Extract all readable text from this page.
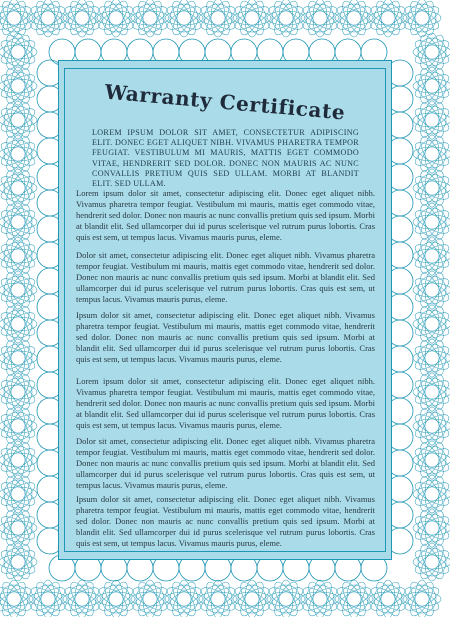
Warranty Certificate
LOREM IPSUM DOLOR SIT AMET, CONSECTETUR ADIPISCING ELIT. DONEC EGET ALIQUET NIBH. VIVAMUS PHARETRA TEMPOR FEUGIAT. VESTIBULUM MI MAURIS, MATTIS EGET COMMODO VITAE, HENDRERIT SED DOLOR. DONEC NON MAURIS AC NUNC CONVALLIS PRETIUM QUIS SED ULLAM. MORBI AT BLANDIT ELIT. SED ULLAM.
Lorem ipsum dolor sit amet, consectetur adipiscing elit. Donec eget aliquet nibh. Vivamus pharetra tempor feugiat. Vestibulum mi mauris, mattis eget commodo vitae, hendrerit sed dolor. Donec non mauris ac nunc convallis pretium quis sed ipsum. Morbi at blandit elit. Sed ullamcorper dui id purus scelerisque vel rutrum purus lobortis. Cras quis est sem, ut tempus lacus. Vivamus mauris purus, eleme.
Dolor sit amet, consectetur adipiscing elit. Donec eget aliquet nibh. Vivamus pharetra tempor feugiat. Vestibulum mi mauris, mattis eget commodo vitae, hendrerit sed dolor. Donec non mauris ac nunc convallis pretium quis sed ipsum. Morbi at blandit elit. Sed ullamcorper dui id purus scelerisque vel rutrum purus lobortis. Cras quis est sem, ut tempus lacus. Vivamus mauris purus, eleme.
Ipsum dolor sit amet, consectetur adipiscing elit. Donec eget aliquet nibh. Vivamus pharetra tempor feugiat. Vestibulum mi mauris, mattis eget commodo vitae, hendrerit sed dolor. Donec non mauris ac nunc convallis pretium quis sed ipsum. Morbi at blandit elit. Sed ullamcorper dui id purus scelerisque vel rutrum purus lobortis. Cras quis est sem, ut tempus lacus. Vivamus mauris purus, eleme.
Lorem ipsum dolor sit amet, consectetur adipiscing elit. Donec eget aliquet nibh. Vivamus pharetra tempor feugiat. Vestibulum mi mauris, mattis eget commodo vitae, hendrerit sed dolor. Donec non mauris ac nunc convallis pretium quis sed ipsum. Morbi at blandit elit. Sed ullamcorper dui id purus scelerisque vel rutrum purus lobortis. Cras quis est sem, ut tempus lacus. Vivamus mauris purus, eleme.
Dolor sit amet, consectetur adipiscing elit. Donec eget aliquet nibh. Vivamus pharetra tempor feugiat. Vestibulum mi mauris, mattis eget commodo vitae, hendrerit sed dolor. Donec non mauris ac nunc convallis pretium quis sed ipsum. Morbi at blandit elit. Sed ullamcorper dui id purus scelerisque vel rutrum purus lobortis. Cras quis est sem, ut tempus lacus. Vivamus mauris purus, eleme.
Ipsum dolor sit amet, consectetur adipiscing elit. Donec eget aliquet nibh. Vivamus pharetra tempor feugiat. Vestibulum mi mauris, mattis eget commodo vitae, hendrerit sed dolor. Donec non mauris ac nunc convallis pretium quis sed ipsum. Morbi at blandit elit. Sed ullamcorper dui id purus scelerisque vel rutrum purus lobortis. Cras quis est sem, ut tempus lacus. Vivamus mauris purus, eleme.
